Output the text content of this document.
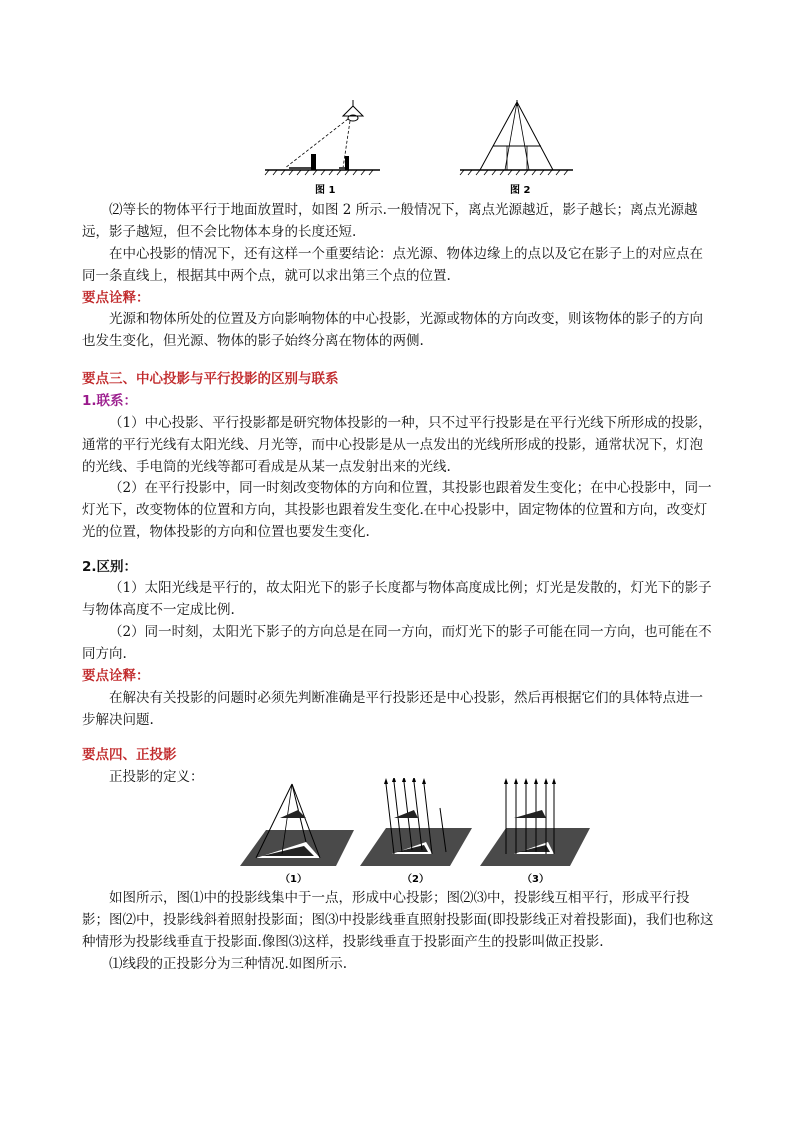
图 1	图 2

⑵等长的物体平行于地面放置时，如图 2 所示.一般情况下，离点光源越近，影子越长；离点光源越远，影子越短，但不会比物体本身的长度还短.

在中心投影的情况下，还有这样一个重要结论：点光源、物体边缘上的点以及它在影子上的对应点在同一条直线上，根据其中两个点，就可以求出第三个点的位置.

要点诠释：

光源和物体所处的位置及方向影响物体的中心投影，光源或物体的方向改变，则该物体的影子的方向也发生变化，但光源、物体的影子始终分离在物体的两侧.

要点三、中心投影与平行投影的区别与联系

1.联系：

（1）中心投影、平行投影都是研究物体投影的一种，只不过平行投影是在平行光线下所形成的投影，通常的平行光线有太阳光线、月光等，而中心投影是从一点发出的光线所形成的投影，通常状况下，灯泡的光线、手电筒的光线等都可看成是从某一点发射出来的光线.

（2）在平行投影中，同一时刻改变物体的方向和位置，其投影也跟着发生变化；在中心投影中，同一灯光下，改变物体的位置和方向，其投影也跟着发生变化.在中心投影中，固定物体的位置和方向，改变灯光的位置，物体投影的方向和位置也要发生变化.

2.区别：

（1）太阳光线是平行的，故太阳光下的影子长度都与物体高度成比例；灯光是发散的，灯光下的影子与物体高度不一定成比例.

（2）同一时刻，太阳光下影子的方向总是在同一方向，而灯光下的影子可能在同一方向，也可能在不同方向.

要点诠释：

在解决有关投影的问题时必须先判断准确是平行投影还是中心投影，然后再根据它们的具体特点进一步解决问题.

要点四、正投影

正投影的定义：

（1）	（2）	（3）

如图所示，图⑴中的投影线集中于一点，形成中心投影；图⑵⑶中，投影线互相平行，形成平行投影；图⑵中，投影线斜着照射投影面；图⑶中投影线垂直照射投影面(即投影线正对着投影面)，我们也称这种情形为投影线垂直于投影面.像图⑶这样，投影线垂直于投影面产生的投影叫做正投影.

⑴线段的正投影分为三种情况.如图所示.
